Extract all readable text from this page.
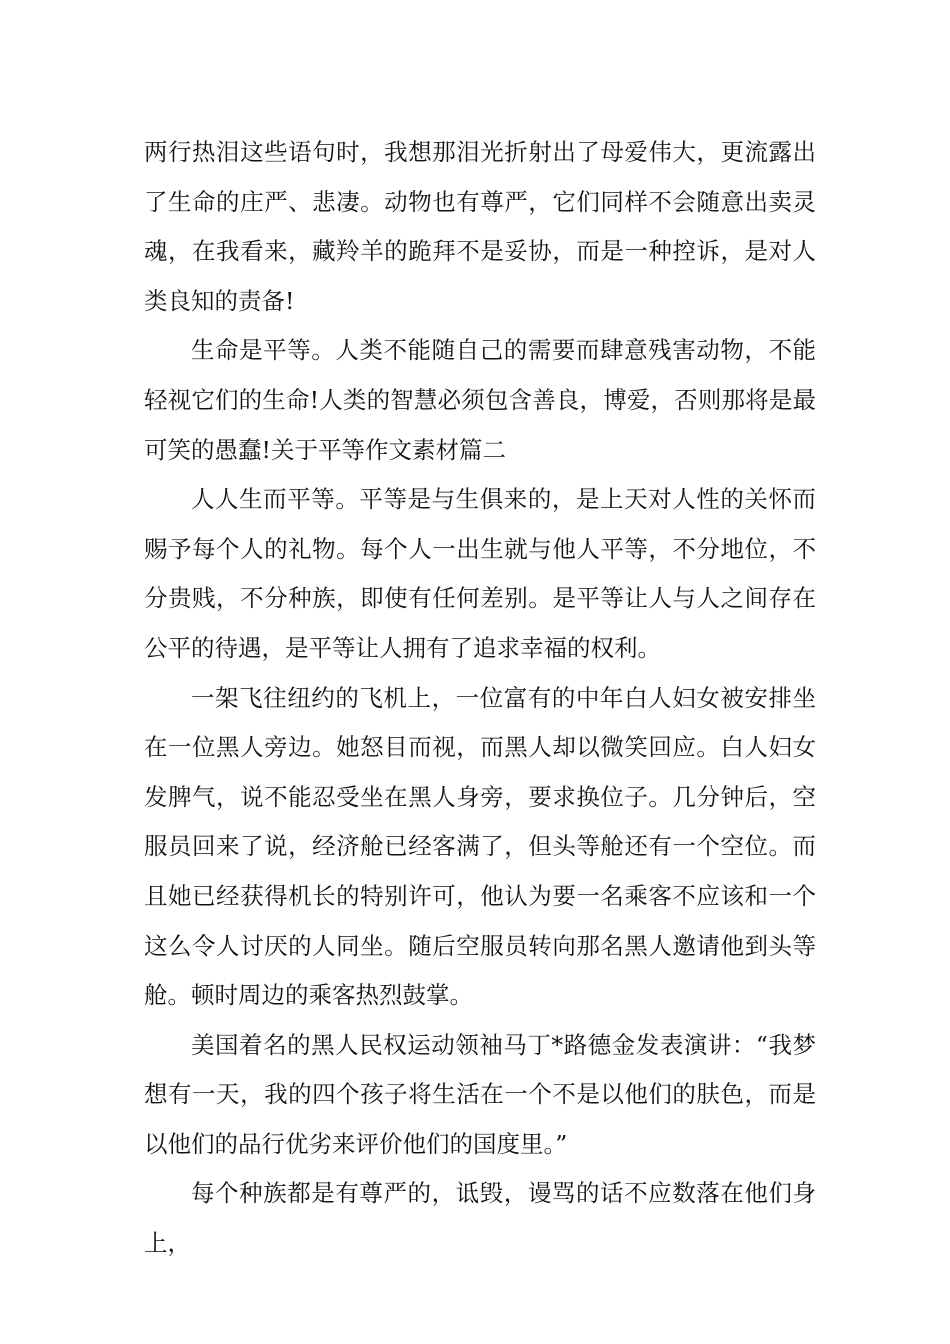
两行热泪这些语句时，我想那泪光折射出了母爱伟大，更流露出了生命的庄严、悲凄。动物也有尊严，它们同样不会随意出卖灵魂，在我看来，藏羚羊的跪拜不是妥协，而是一种控诉，是对人类良知的责备!

生命是平等。人类不能随自己的需要而肆意残害动物，不能轻视它们的生命!人类的智慧必须包含善良，博爱，否则那将是最可笑的愚蠢!关于平等作文素材篇二

人人生而平等。平等是与生俱来的，是上天对人性的关怀而赐予每个人的礼物。每个人一出生就与他人平等，不分地位，不分贵贱，不分种族，即使有任何差别。是平等让人与人之间存在公平的待遇，是平等让人拥有了追求幸福的权利。

一架飞往纽约的飞机上，一位富有的中年白人妇女被安排坐在一位黑人旁边。她怒目而视，而黑人却以微笑回应。白人妇女发脾气，说不能忍受坐在黑人身旁，要求换位子。几分钟后，空服员回来了说，经济舱已经客满了，但头等舱还有一个空位。而且她已经获得机长的特别许可，他认为要一名乘客不应该和一个这么令人讨厌的人同坐。随后空服员转向那名黑人邀请他到头等舱。顿时周边的乘客热烈鼓掌。

美国着名的黑人民权运动领袖马丁*路德金发表演讲：“我梦想有一天，我的四个孩子将生活在一个不是以他们的肤色，而是以他们的品行优劣来评价他们的国度里。”

每个种族都是有尊严的，诋毁，谩骂的话不应数落在他们身上，
